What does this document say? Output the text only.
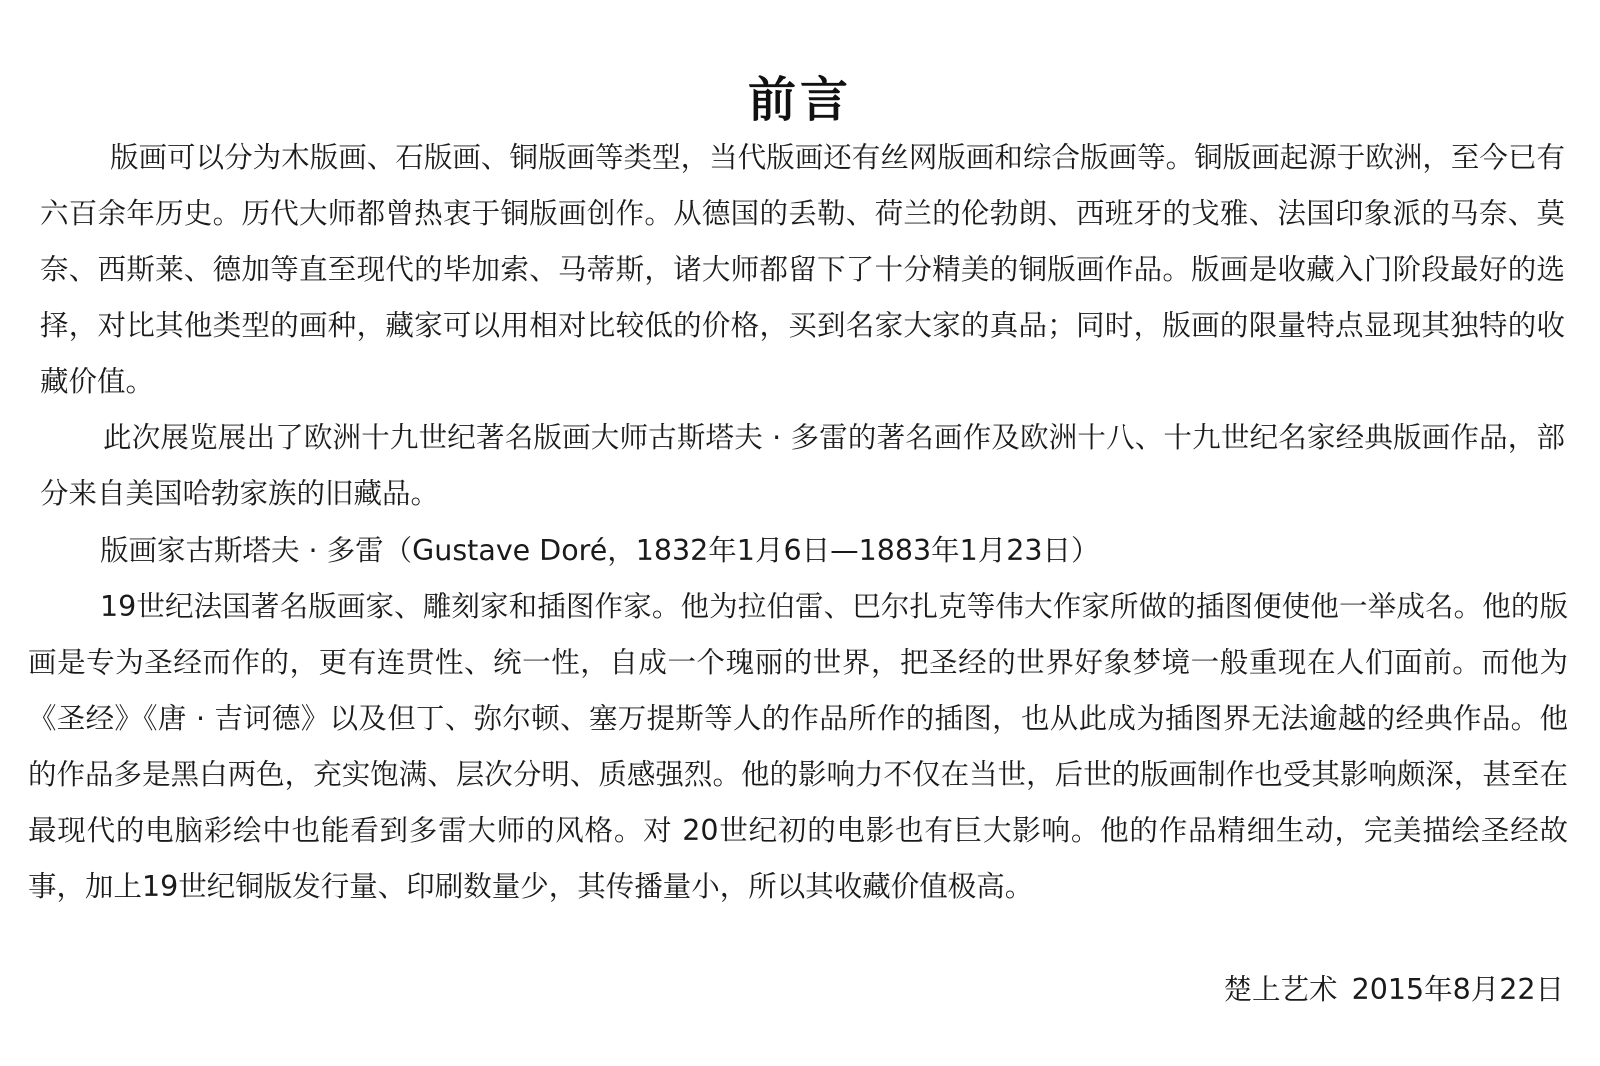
前言

版画可以分为木版画、石版画、铜版画等类型，当代版画还有丝网版画和综合版画等。铜版画起源于欧洲，至今已有六百余年历史。历代大师都曾热衷于铜版画创作。从德国的丢勒、荷兰的伦勃朗、西班牙的戈雅、法国印象派的马奈、莫奈、西斯莱、德加等直至现代的毕加索、马蒂斯，诸大师都留下了十分精美的铜版画作品。版画是收藏入门阶段最好的选择，对比其他类型的画种，藏家可以用相对比较低的价格，买到名家大家的真品；同时，版画的限量特点显现其独特的收藏价值。

此次展览展出了欧洲十九世纪著名版画大师古斯塔夫 · 多雷的著名画作及欧洲十八、十九世纪名家经典版画作品，部分来自美国哈勃家族的旧藏品。

版画家古斯塔夫 · 多雷（Gustave Doré，1832年1月6日—1883年1月23日）

19世纪法国著名版画家、雕刻家和插图作家。他为拉伯雷、巴尔扎克等伟大作家所做的插图便使他一举成名。他的版画是专为圣经而作的，更有连贯性、统一性，自成一个瑰丽的世界，把圣经的世界好象梦境一般重现在人们面前。而他为《圣经》《唐 · 吉诃德》以及但丁、弥尔顿、塞万提斯等人的作品所作的插图，也从此成为插图界无法逾越的经典作品。他的作品多是黑白两色，充实饱满、层次分明、质感强烈。他的影响力不仅在当世，后世的版画制作也受其影响颇深，甚至在最现代的电脑彩绘中也能看到多雷大师的风格。对 20世纪初的电影也有巨大影响。他的作品精细生动，完美描绘圣经故事，加上19世纪铜版发行量、印刷数量少，其传播量小，所以其收藏价值极高。

楚上艺术 2015年8月22日
